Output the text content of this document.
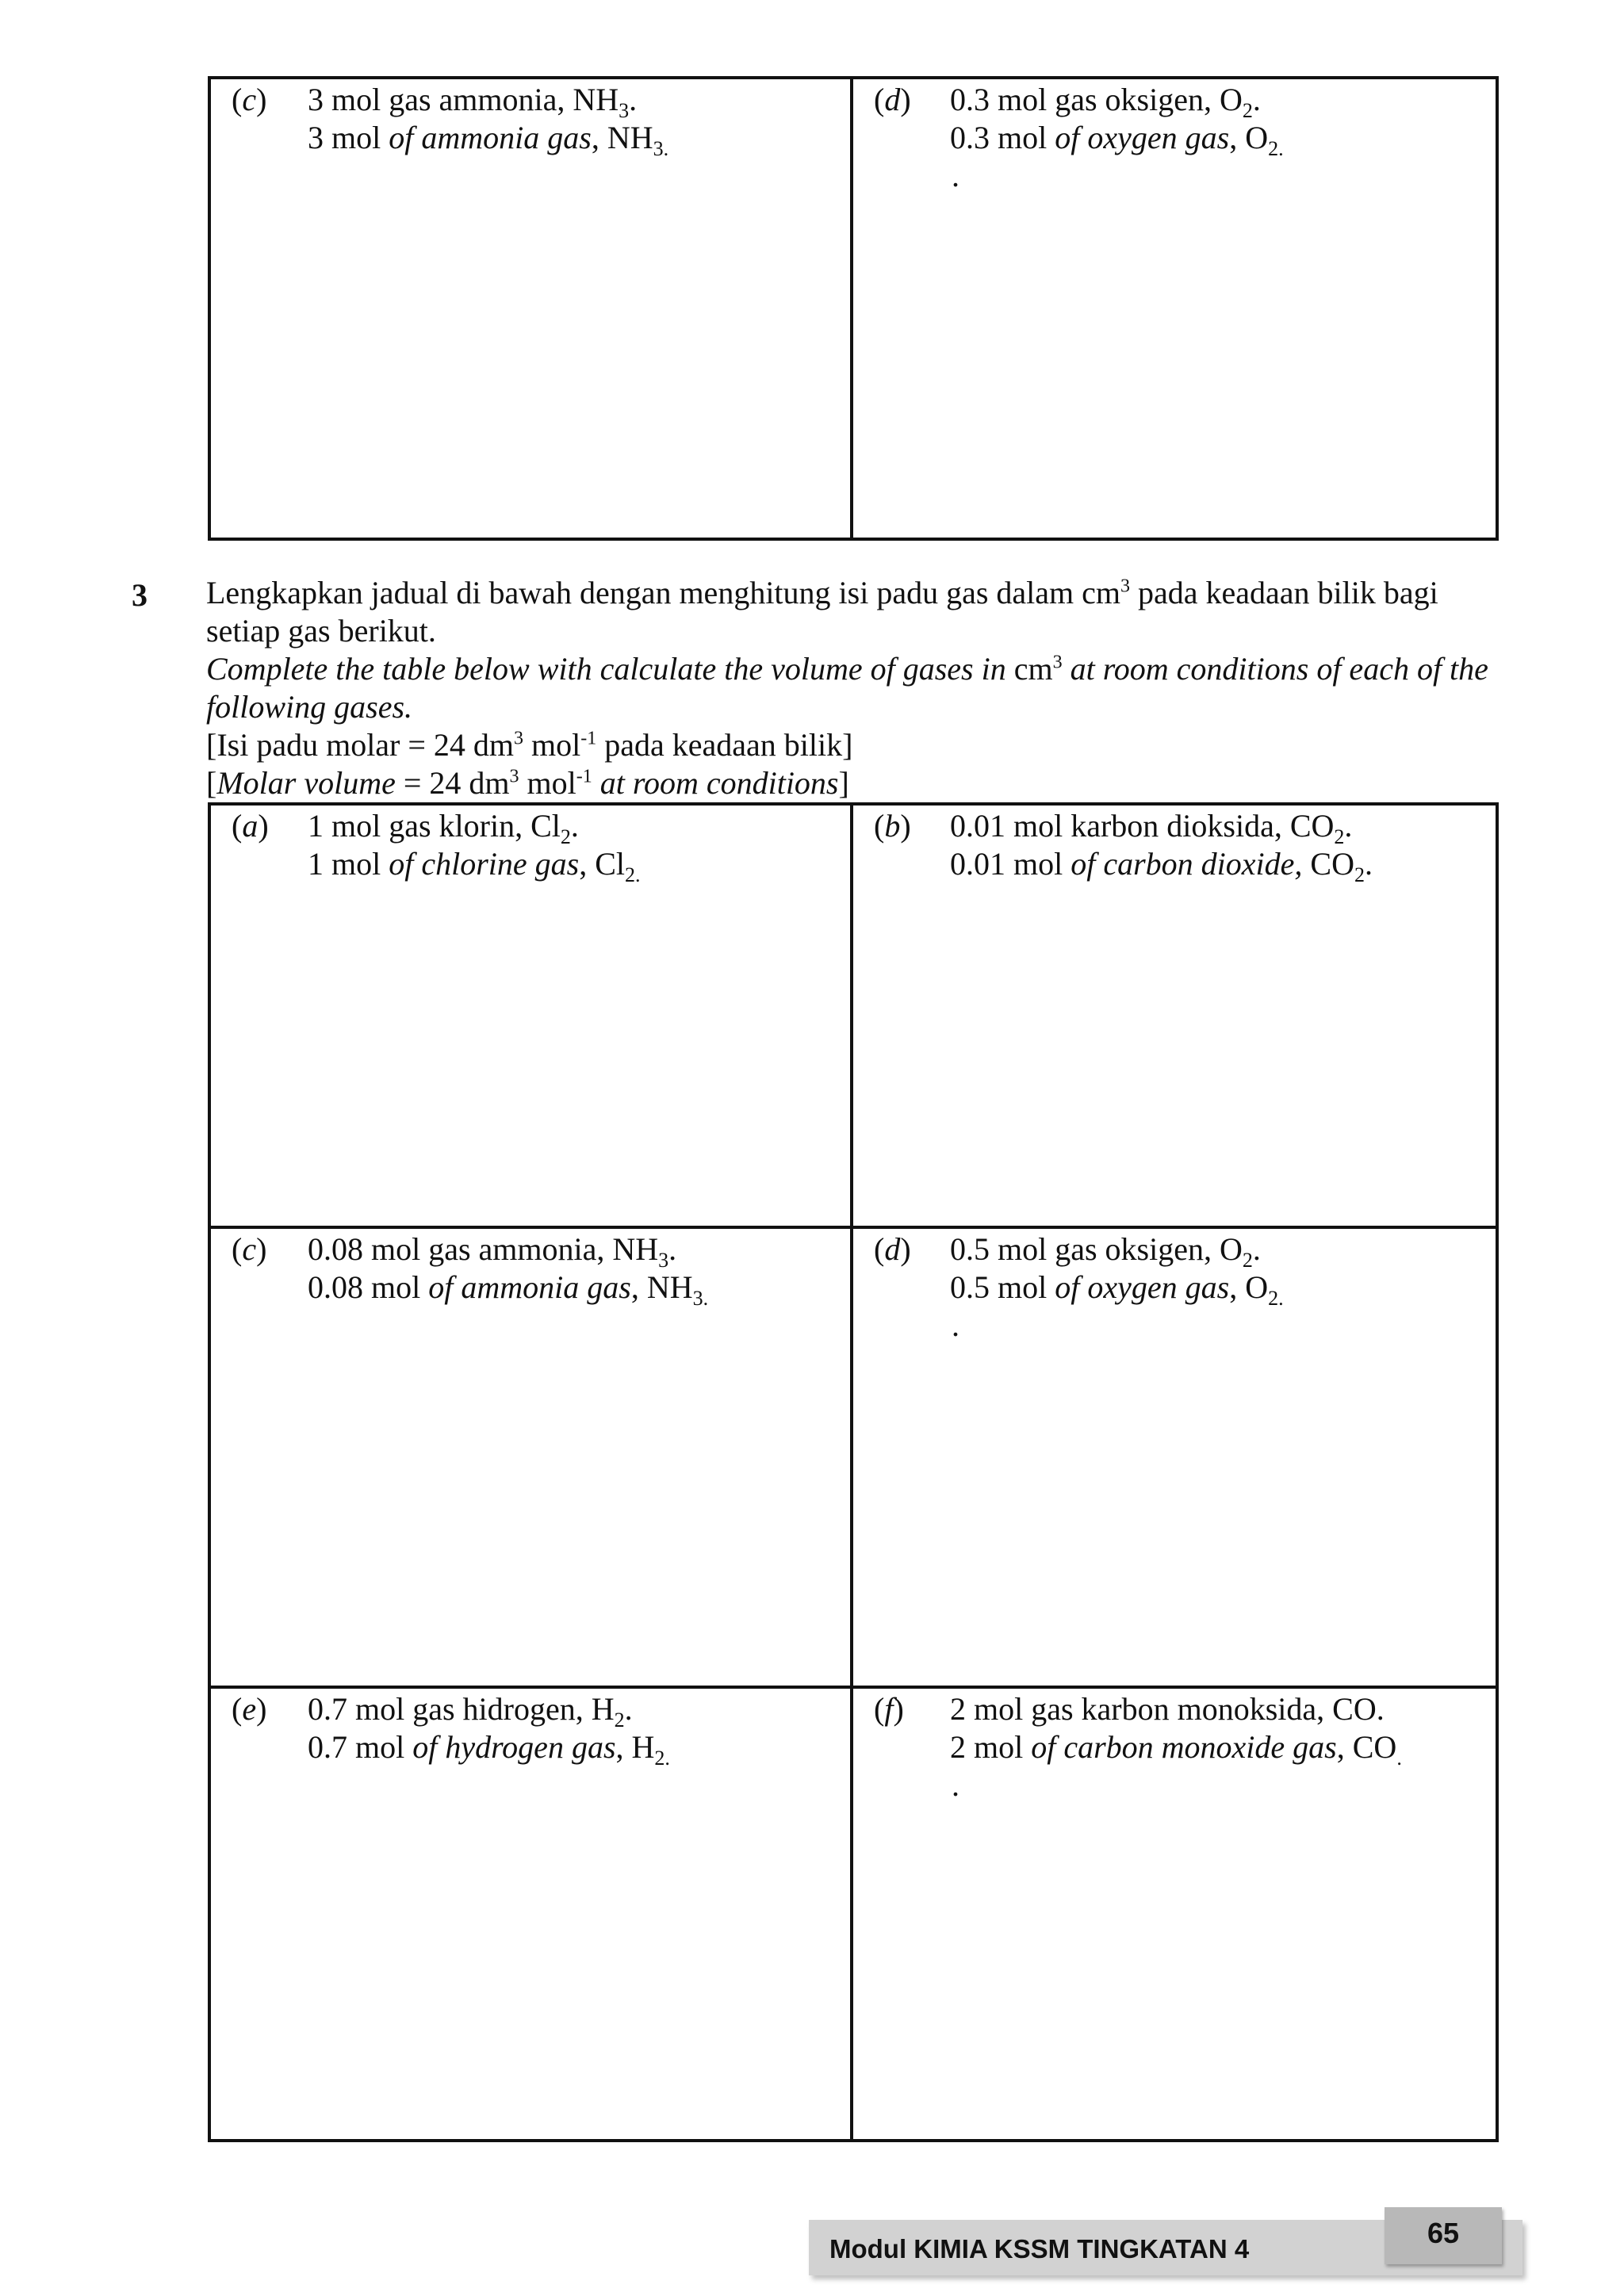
(c)	3 mol gas ammonia, $NH_3$.
3 mol of ammonia gas, $NH_{3.}$
(d)	0.3 mol gas oksigen, $O_2$.
0.3 mol of oxygen gas, $O_{2.}$
.
(a)	1 mol gas klorin, $Cl_2$.
1 mol of chlorine gas, $Cl_{2.}$
(b)	0.01 mol karbon dioksida, $CO_2$.
0.01 mol of carbon dioxide, $CO_2$.
(c)	0.08 mol gas ammonia, $NH_3$.
0.08 mol of ammonia gas, $NH_{3.}$
(d)	0.5 mol gas oksigen, $O_2$.
0.5 mol of oxygen gas, $O_{2.}$
.
(e)	0.7 mol gas hidrogen, $H_2$.
0.7 mol of hydrogen gas, $H_{2.}$
(f)	2 mol gas karbon monoksida, CO.
2 mol of carbon monoxide gas, $CO_.$
.
3 Lengkapkan jadual di bawah dengan menghitung isi padu gas dalam $cm^3$ pada keadaan bilik bagi setiap gas berikut.

Complete the table below with calculate the volume of gases in $cm^3$ at room conditions of each of the following gases.

[Isi padu molar = 24 $dm^3$ mol$^{-1}$ pada keadaan bilik]

[Molar volume = 24 $dm^3$ mol$^{-1}$ at room conditions]

Modul KIMIA KSSM TINGKATAN 4	65
